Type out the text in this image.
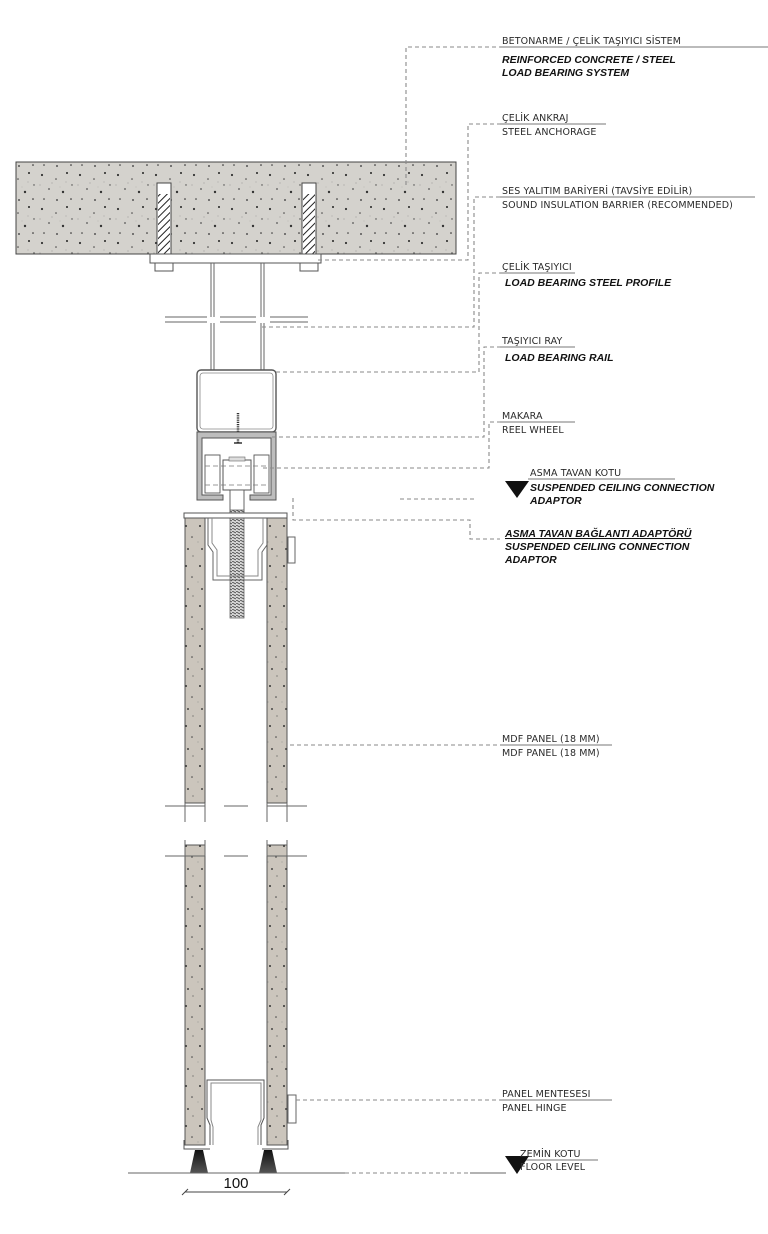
100
BETONARME / ÇELİK TAŞIYICI SİSTEM
REINFORCED CONCRETE / STEEL
LOAD BEARING SYSTEM
ÇELİK ANKRAJ
STEEL ANCHORAGE
SES YALITIM BARİYERİ (TAVSİYE EDİLİR)
SOUND INSULATION BARRIER (RECOMMENDED)
ÇELİK TAŞIYICI
LOAD BEARING STEEL PROFILE
TAŞIYICI RAY
LOAD BEARING RAIL
MAKARA
REEL WHEEL
ASMA TAVAN KOTU
SUSPENDED CEILING CONNECTION
ADAPTOR
ASMA TAVAN BAĞLANTI ADAPTÖRÜ
SUSPENDED CEILING CONNECTION
ADAPTOR
MDF PANEL (18 MM)
MDF PANEL (18 MM)
PANEL MENTESESI
PANEL HINGE
ZEMİN KOTU
FLOOR LEVEL
